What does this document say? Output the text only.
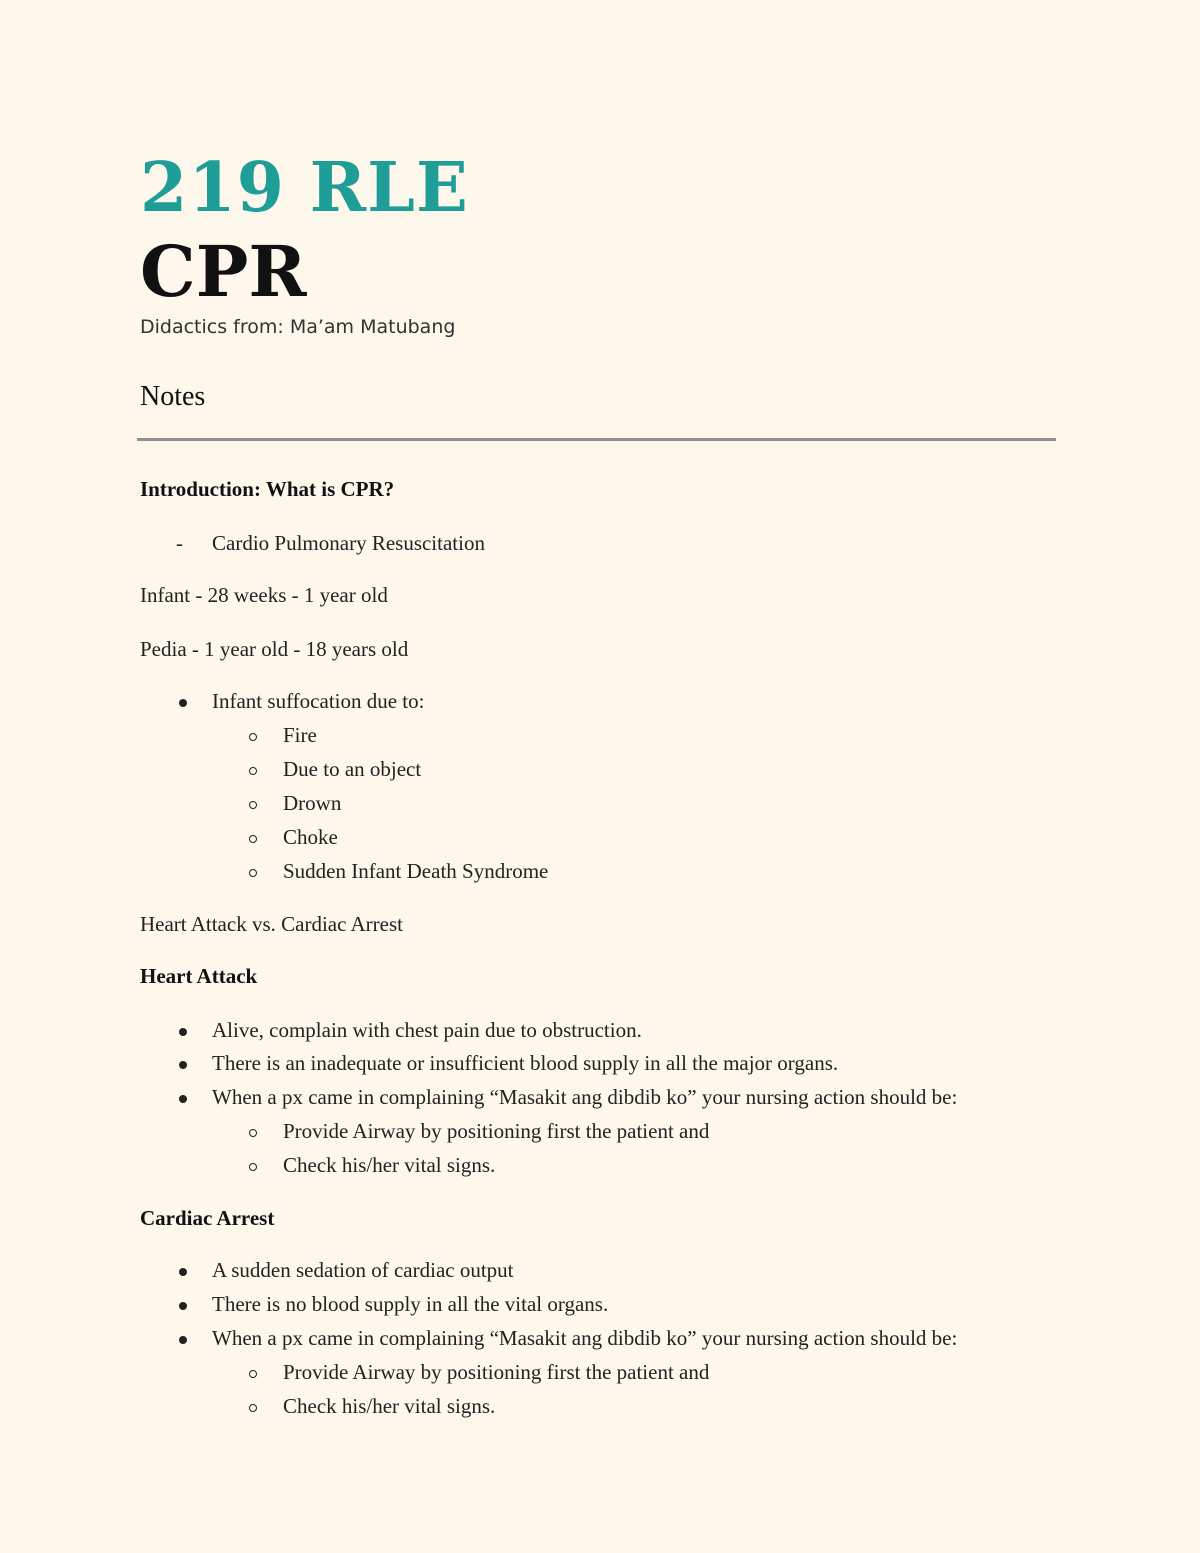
219 RLE
CPR

Didactics from: Ma’am Matubang

Notes

Introduction: What is CPR?

- Cardio Pulmonary Resuscitation

Infant - 28 weeks - 1 year old

Pedia - 1 year old - 18 years old

Infant suffocation due to:

Fire

Due to an object

Drown

Choke

Sudden Infant Death Syndrome

Heart Attack vs. Cardiac Arrest

Heart Attack

Alive, complain with chest pain due to obstruction.

There is an inadequate or insufficient blood supply in all the major organs.

When a px came in complaining “Masakit ang dibdib ko” your nursing action should be:

Provide Airway by positioning first the patient and

Check his/her vital signs.

Cardiac Arrest

A sudden sedation of cardiac output

There is no blood supply in all the vital organs.

When a px came in complaining “Masakit ang dibdib ko” your nursing action should be:

Provide Airway by positioning first the patient and

Check his/her vital signs.
